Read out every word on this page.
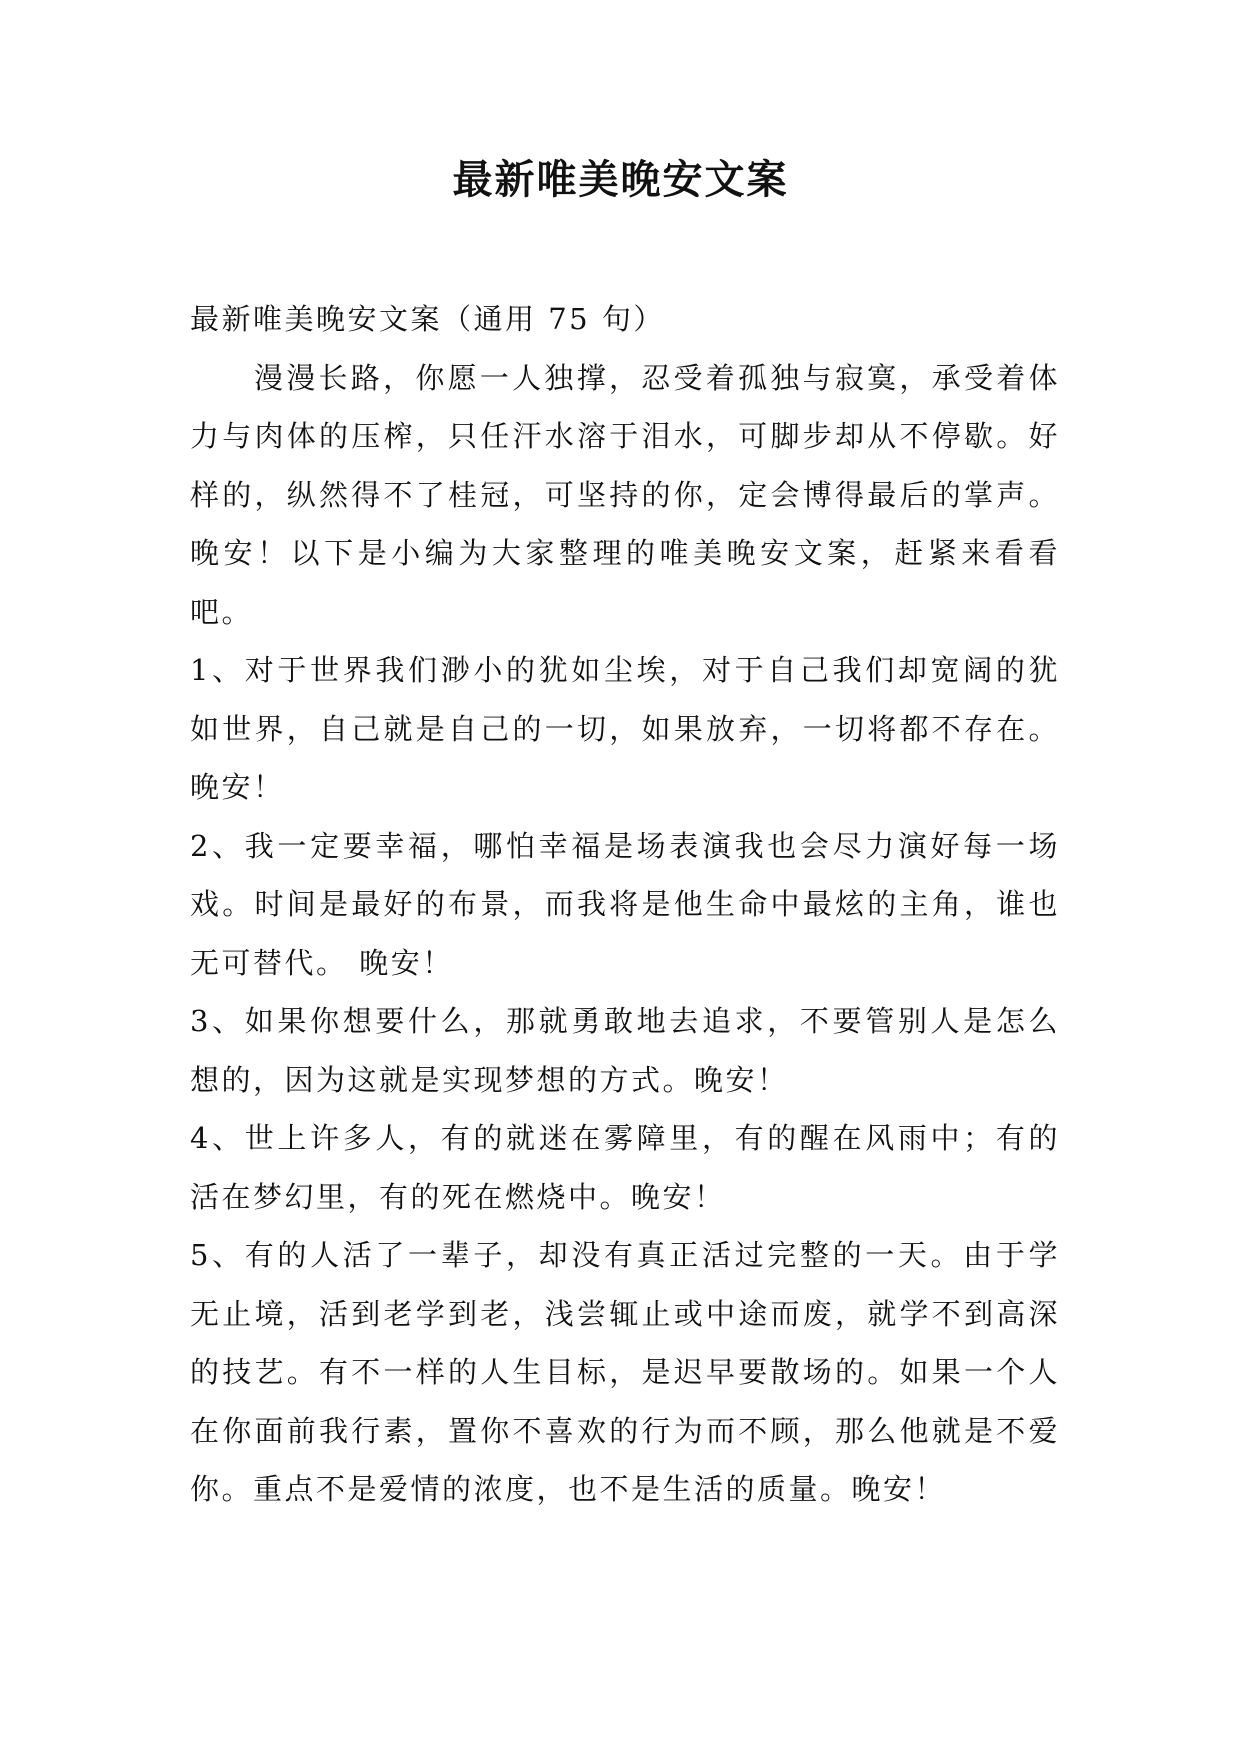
最新唯美晚安文案

最新唯美晚安文案（通用 75 句）

漫漫长路，你愿一人独撑，忍受着孤独与寂寞，承受着体力与肉体的压榨，只任汗水溶于泪水，可脚步却从不停歇。好样的，纵然得不了桂冠，可坚持的你，定会博得最后的掌声。晚安！以下是小编为大家整理的唯美晚安文案，赶紧来看看吧。

1、对于世界我们渺小的犹如尘埃，对于自己我们却宽阔的犹如世界，自己就是自己的一切，如果放弃，一切将都不存在。晚安！

2、我一定要幸福，哪怕幸福是场表演我也会尽力演好每一场戏。时间是最好的布景，而我将是他生命中最炫的主角，谁也无可替代。 晚安！

3、如果你想要什么，那就勇敢地去追求，不要管别人是怎么想的，因为这就是实现梦想的方式。晚安！

4、世上许多人，有的就迷在雾障里，有的醒在风雨中；有的活在梦幻里，有的死在燃烧中。晚安！

5、有的人活了一辈子，却没有真正活过完整的一天。由于学无止境，活到老学到老，浅尝辄止或中途而废，就学不到高深的技艺。有不一样的人生目标，是迟早要散场的。如果一个人在你面前我行素，置你不喜欢的行为而不顾，那么他就是不爱你。重点不是爱情的浓度，也不是生活的质量。晚安！
